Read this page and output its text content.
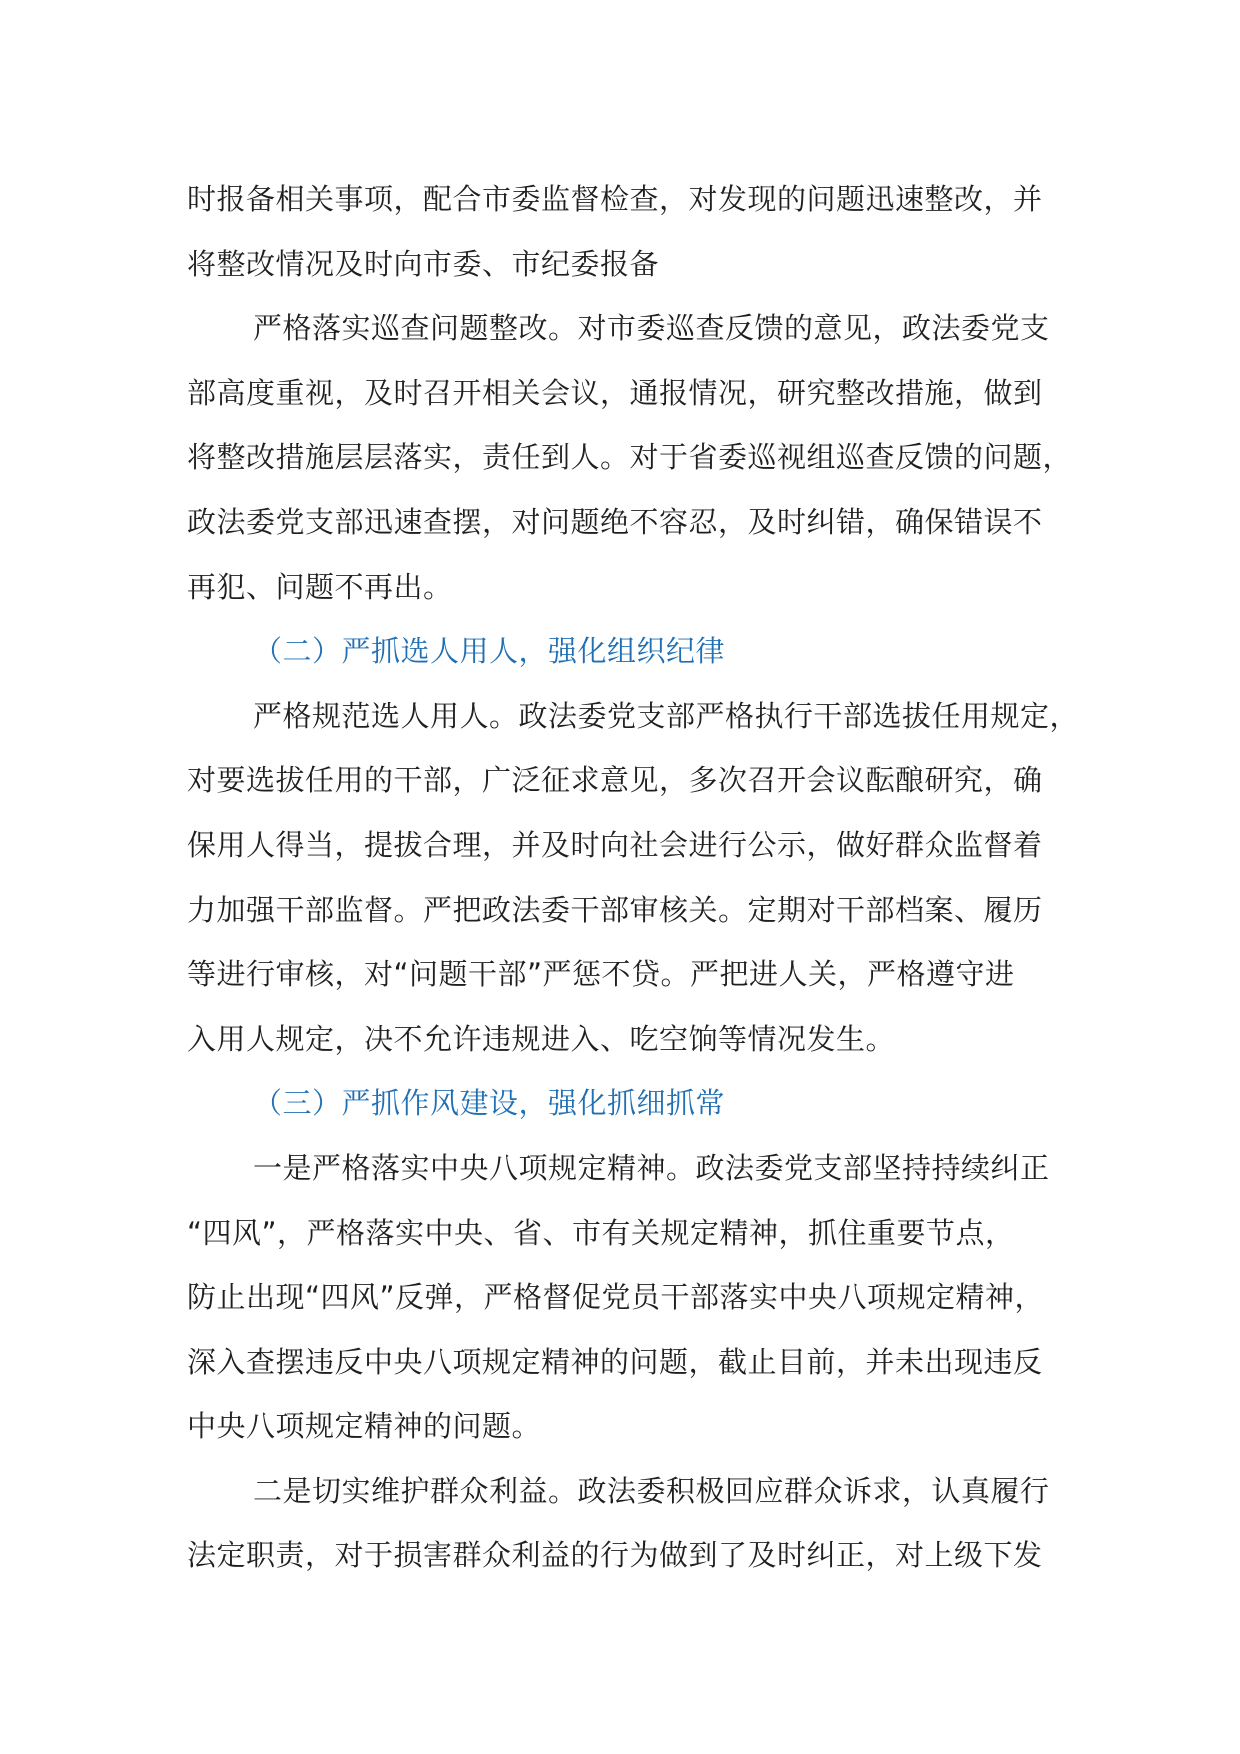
时报备相关事项，配合市委监督检查，对发现的问题迅速整改，并
将整改情况及时向市委、市纪委报备

严格落实巡查问题整改。对市委巡查反馈的意见，政法委党支
部高度重视，及时召开相关会议，通报情况，研究整改措施，做到
将整改措施层层落实，责任到人。对于省委巡视组巡查反馈的问题，
政法委党支部迅速查摆，对问题绝不容忍，及时纠错，确保错误不
再犯、问题不再出。

（二）严抓选人用人，强化组织纪律

严格规范选人用人。政法委党支部严格执行干部选拔任用规定，
对要选拔任用的干部，广泛征求意见，多次召开会议酝酿研究，确
保用人得当，提拔合理，并及时向社会进行公示，做好群众监督着
力加强干部监督。严把政法委干部审核关。定期对干部档案、履历
等进行审核，对“问题干部”严惩不贷。严把进人关，严格遵守进
入用人规定，决不允许违规进入、吃空饷等情况发生。

（三）严抓作风建设，强化抓细抓常

一是严格落实中央八项规定精神。政法委党支部坚持持续纠正
“四风”，严格落实中央、省、市有关规定精神，抓住重要节点，
防止出现“四风”反弹，严格督促党员干部落实中央八项规定精神，
深入查摆违反中央八项规定精神的问题，截止目前，并未出现违反
中央八项规定精神的问题。

二是切实维护群众利益。政法委积极回应群众诉求，认真履行
法定职责，对于损害群众利益的行为做到了及时纠正，对上级下发
